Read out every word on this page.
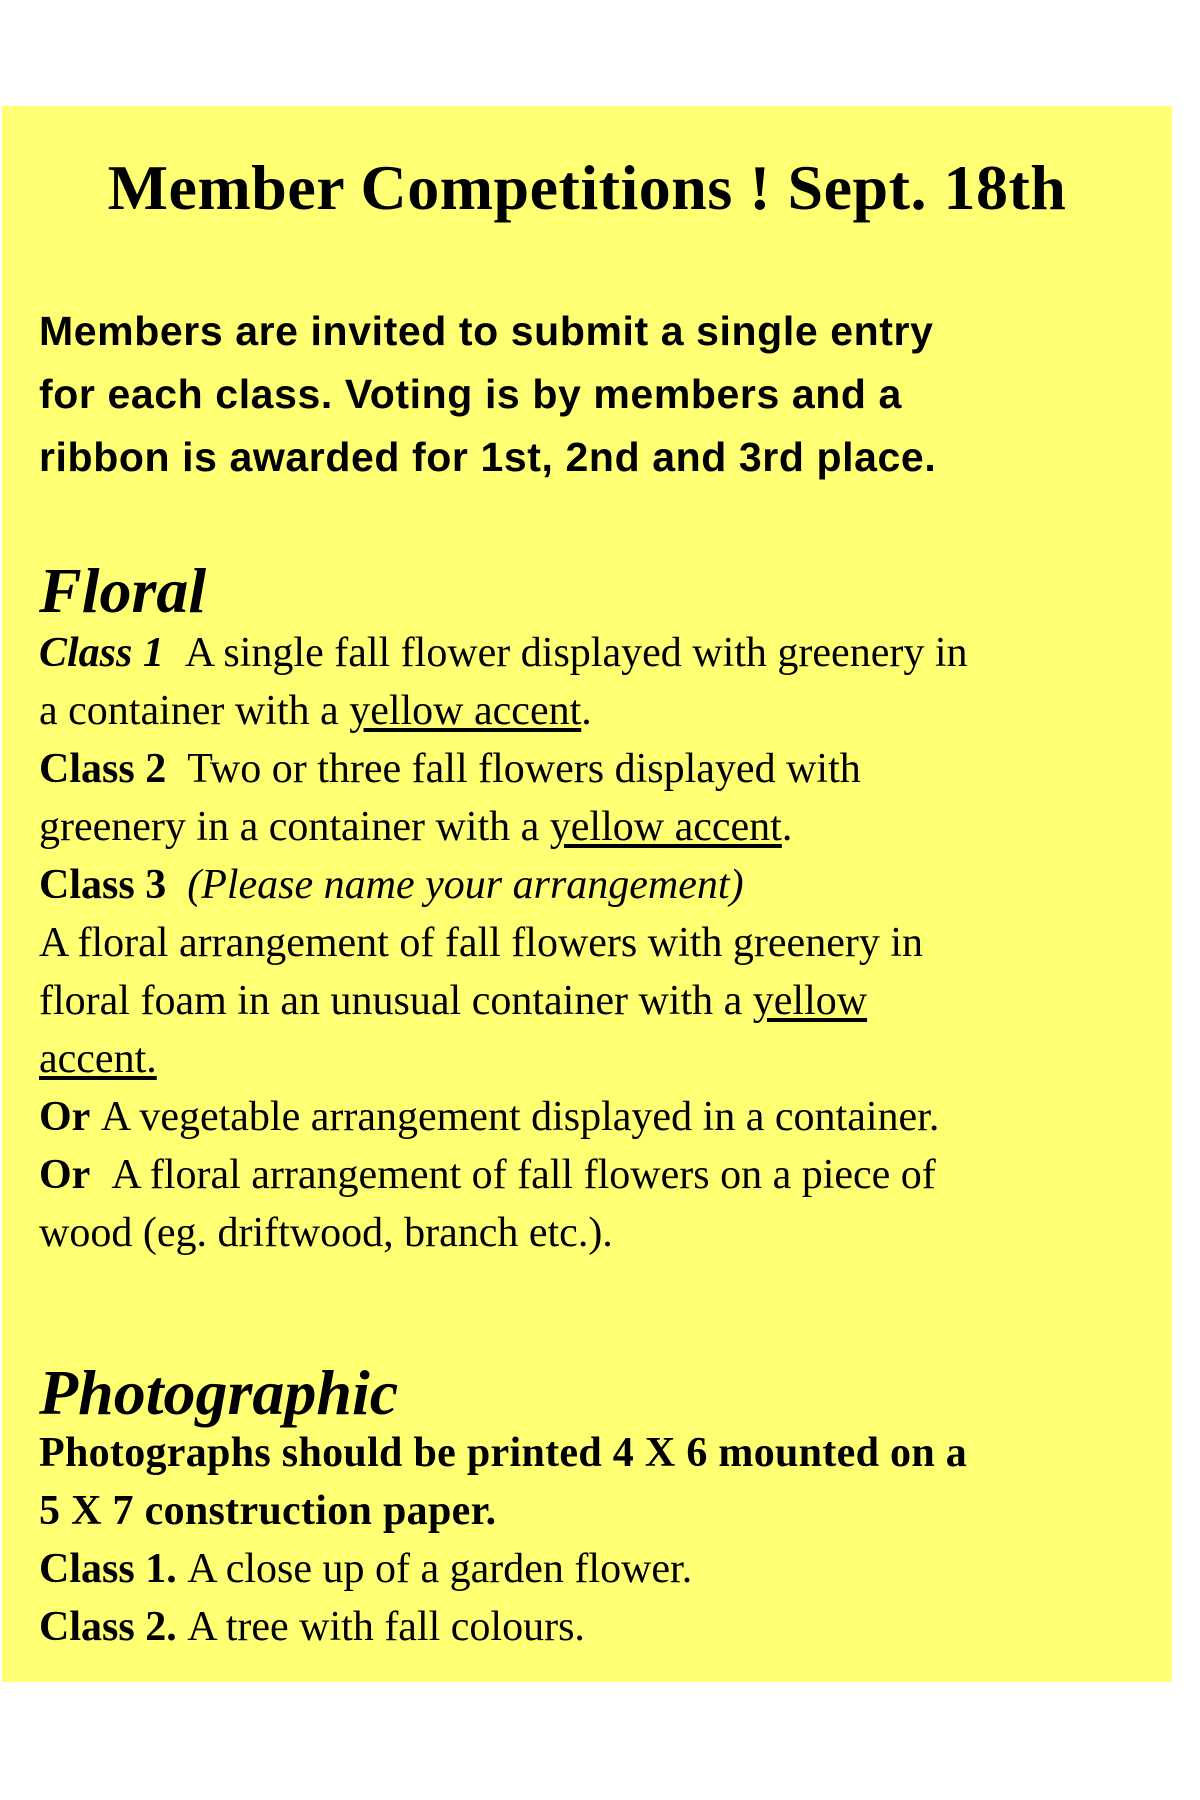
Member Competitions ! Sept. 18th
Members are invited to submit a single entry
for each class. Voting is by members and a
ribbon is awarded for 1st, 2nd and 3rd place.
Floral
Class 1 A single fall flower displayed with greenery in
a container with a yellow accent.
Class 2 Two or three fall flowers displayed with
greenery in a container with a yellow accent.
Class 3 (Please name your arrangement)
A floral arrangement of fall flowers with greenery in
floral foam in an unusual container with a yellow
accent.
Or A vegetable arrangement displayed in a container.
Or A floral arrangement of fall flowers on a piece of
wood (eg. driftwood, branch etc.).
Photographic
Photographs should be printed 4 X 6 mounted on a
5 X 7 construction paper.
Class 1. A close up of a garden flower.
Class 2. A tree with fall colours.
